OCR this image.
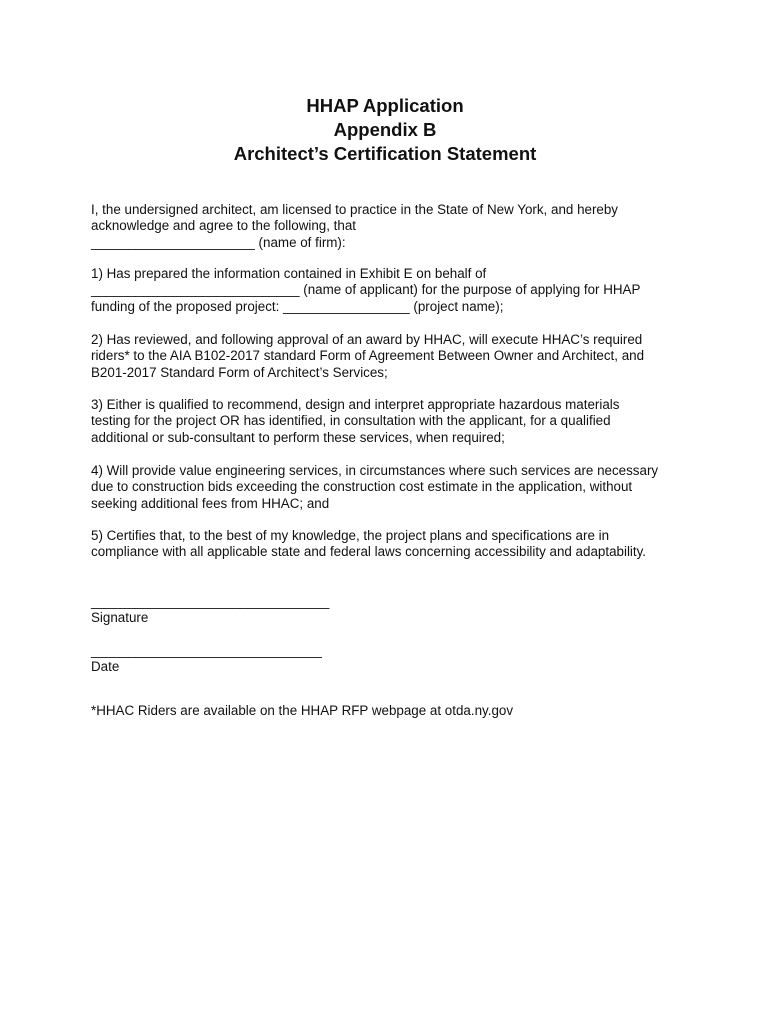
HHAP Application

Appendix B

Architect’s Certification Statement

I, the undersigned architect, am licensed to practice in the State of New York, and hereby

acknowledge and agree to the following, that

______________________ (name of firm):

1) Has prepared the information contained in Exhibit E on behalf of

____________________________ (name of applicant) for the purpose of applying for HHAP

funding of the proposed project: _________________ (project name);

2) Has reviewed, and following approval of an award by HHAC, will execute HHAC’s required

riders* to the AIA B102-2017 standard Form of Agreement Between Owner and Architect, and

B201-2017 Standard Form of Architect’s Services;

3) Either is qualified to recommend, design and interpret appropriate hazardous materials

testing for the project OR has identified, in consultation with the applicant, for a qualified

additional or sub-consultant to perform these services, when required;

4) Will provide value engineering services, in circumstances where such services are necessary

due to construction bids exceeding the construction cost estimate in the application, without

seeking additional fees from HHAC; and

5) Certifies that, to the best of my knowledge, the project plans and specifications are in

compliance with all applicable state and federal laws concerning accessibility and adaptability.

________________________________
Signature
_______________________________
Date
*HHAC Riders are available on the HHAP RFP webpage at otda.ny.gov
